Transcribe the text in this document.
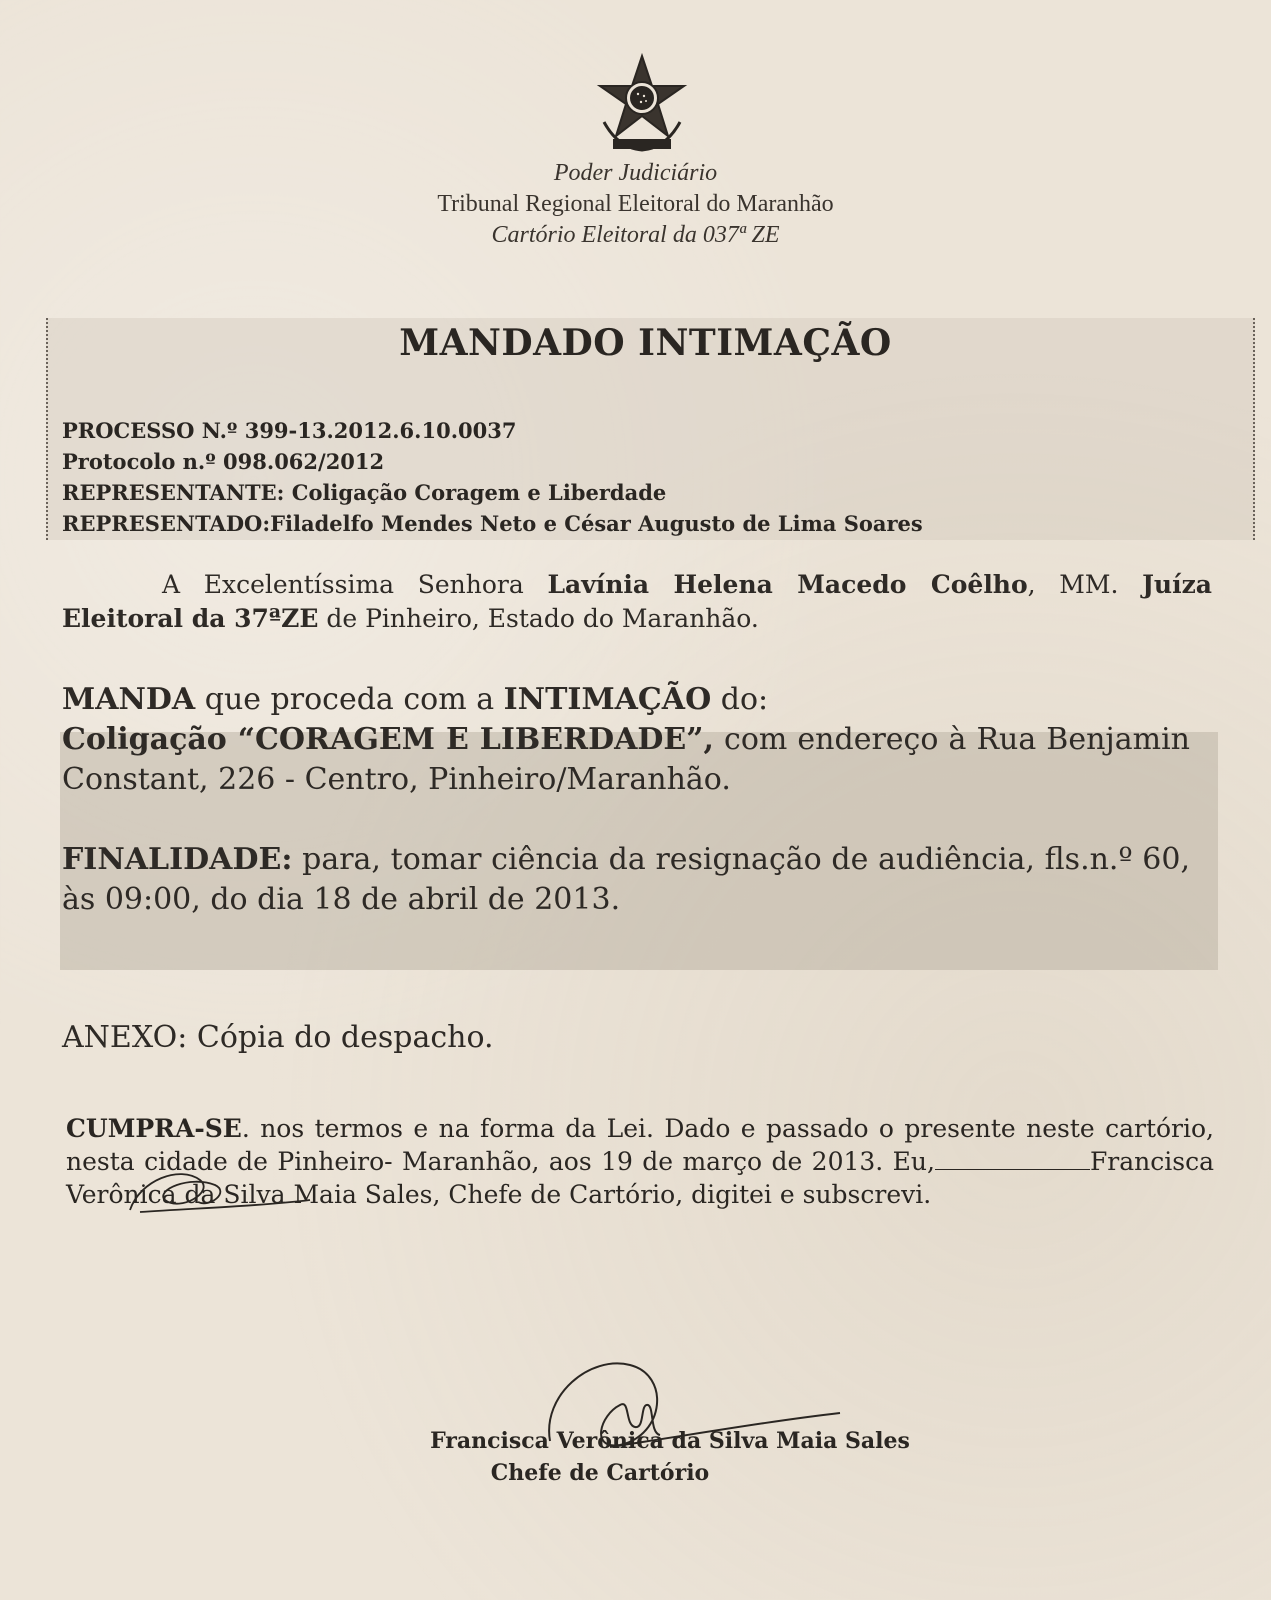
Poder Judiciário
Tribunal Regional Eleitoral do Maranhão
Cartório Eleitoral da 037ª ZE
MANDADO INTIMAÇÃO
PROCESSO N.º 399-13.2012.6.10.0037
Protocolo n.º 098.062/2012
REPRESENTANTE: Coligação Coragem e Liberdade
REPRESENTADO:Filadelfo Mendes Neto e César Augusto de Lima Soares
A Excelentíssima Senhora Lavínia Helena Macedo Coêlho, MM. Juíza Eleitoral da 37ªZE de Pinheiro, Estado do Maranhão.
MANDA que proceda com a INTIMAÇÃO do:
Coligação “CORAGEM E LIBERDADE”, com endereço à Rua Benjamin Constant, 226 - Centro, Pinheiro/Maranhão.
FINALIDADE: para, tomar ciência da resignação de audiência, fls.n.º 60, às 09:00, do dia 18 de abril de 2013.
ANEXO: Cópia do despacho.
CUMPRA-SE. nos termos e na forma da Lei. Dado e passado o presente neste cartório, nesta cidade de Pinheiro- Maranhão, aos 19 de março de 2013. Eu,	Francisca Verônica da Silva Maia Sales, Chefe de Cartório, digitei e subscrevi.
Francisca Verônica da Silva Maia Sales
Chefe de Cartório
